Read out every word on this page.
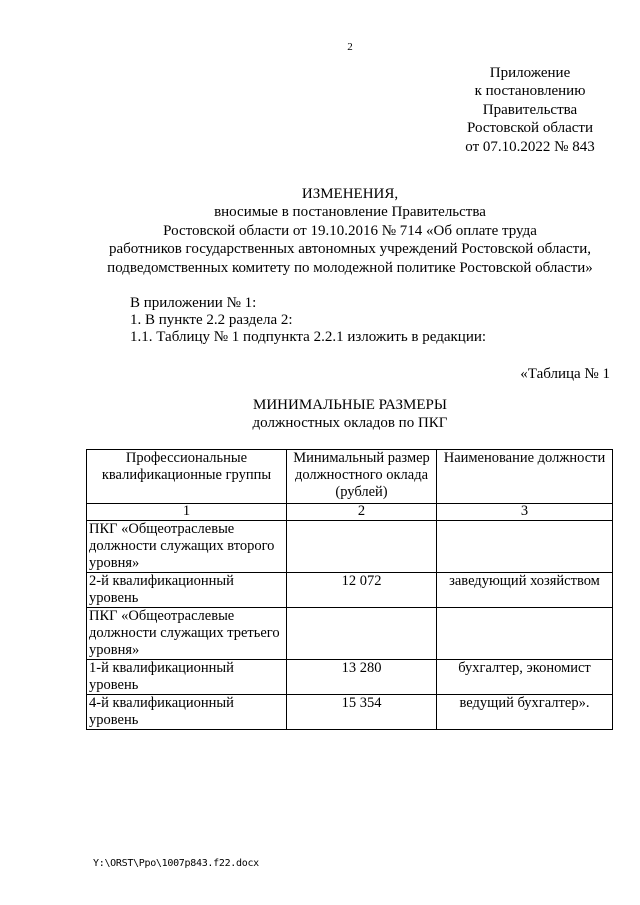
2
Приложение
к постановлению
Правительства
Ростовской области
от 07.10.2022 № 843
ИЗМЕНЕНИЯ,
вносимые в постановление Правительства
Ростовской области от 19.10.2016 № 714 «Об оплате труда
работников государственных автономных учреждений Ростовской области,
подведомственных комитету по молодежной политике Ростовской области»
В приложении № 1:
1. В пункте 2.2 раздела 2:
1.1. Таблицу № 1 подпункта 2.2.1 изложить в редакции:
«Таблица № 1
МИНИМАЛЬНЫЕ РАЗМЕРЫ
должностных окладов по ПКГ
Профессиональные квалификационные группы	Минимальный размер должностного оклада (рублей)	Наименование должности
1	2	3
ПКГ «Общеотраслевые должности служащих второго уровня»		
2-й квалификационный уровень	12 072	заведующий хозяйством
ПКГ «Общеотраслевые должности служащих третьего уровня»		
1-й квалификационный уровень	13 280	бухгалтер, экономист
4-й квалификационный уровень	15 354	ведущий бухгалтер».
Y:\ORST\Ppo\1007p843.f22.docx
